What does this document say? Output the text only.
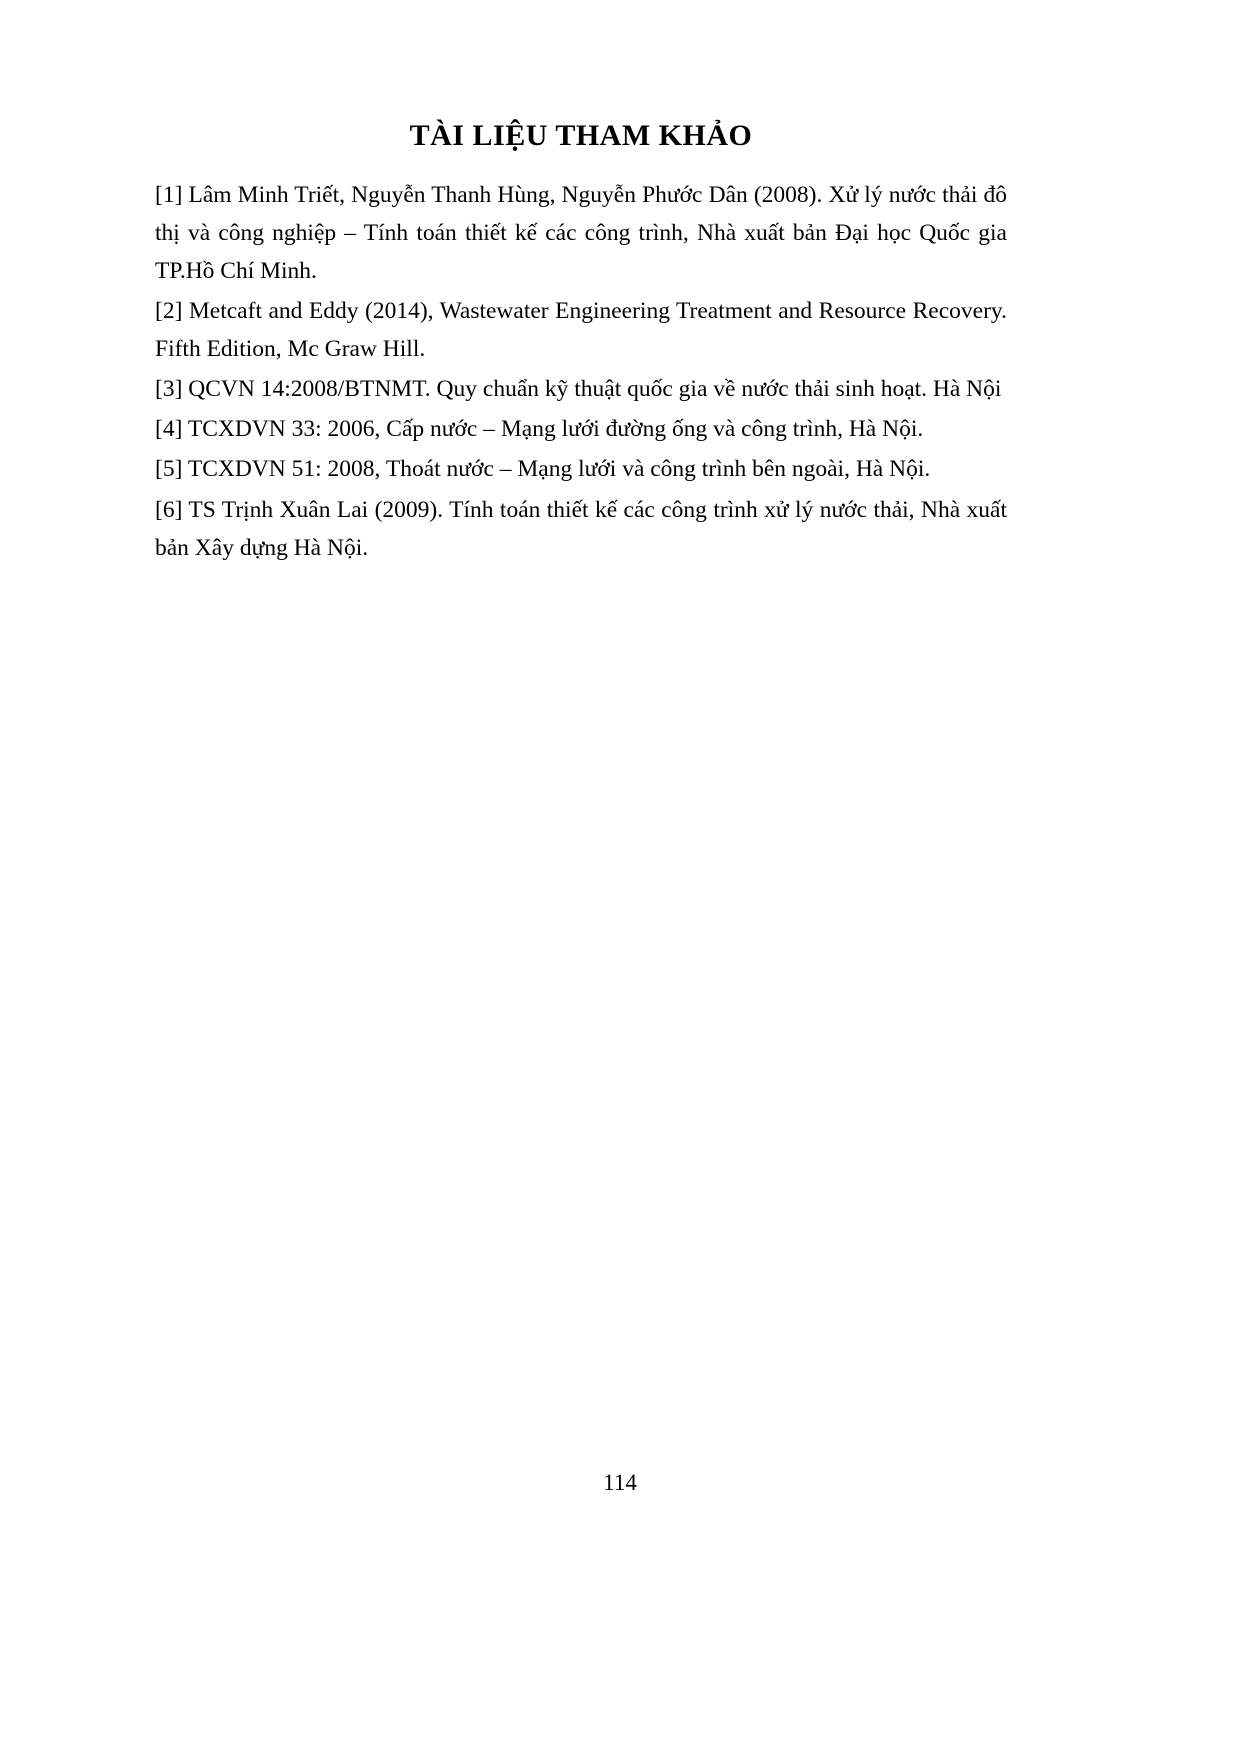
TÀI LIỆU THAM KHẢO

[1] Lâm Minh Triết, Nguyễn Thanh Hùng, Nguyễn Phước Dân (2008). Xử lý nước thải đô thị và công nghiệp – Tính toán thiết kế các công trình, Nhà xuất bản Đại học Quốc gia TP.Hồ Chí Minh.

[2] Metcaft and Eddy (2014), Wastewater Engineering Treatment and Resource Recovery. Fifth Edition, Mc Graw Hill.

[3] QCVN 14:2008/BTNMT. Quy chuẩn kỹ thuật quốc gia về nước thải sinh hoạt. Hà Nội

[4] TCXDVN 33: 2006, Cấp nước – Mạng lưới đường ống và công trình, Hà Nội.

[5] TCXDVN 51: 2008, Thoát nước – Mạng lưới và công trình bên ngoài, Hà Nội.

[6] TS Trịnh Xuân Lai (2009). Tính toán thiết kế các công trình xử lý nước thải, Nhà xuất bản Xây dựng Hà Nội.

114
